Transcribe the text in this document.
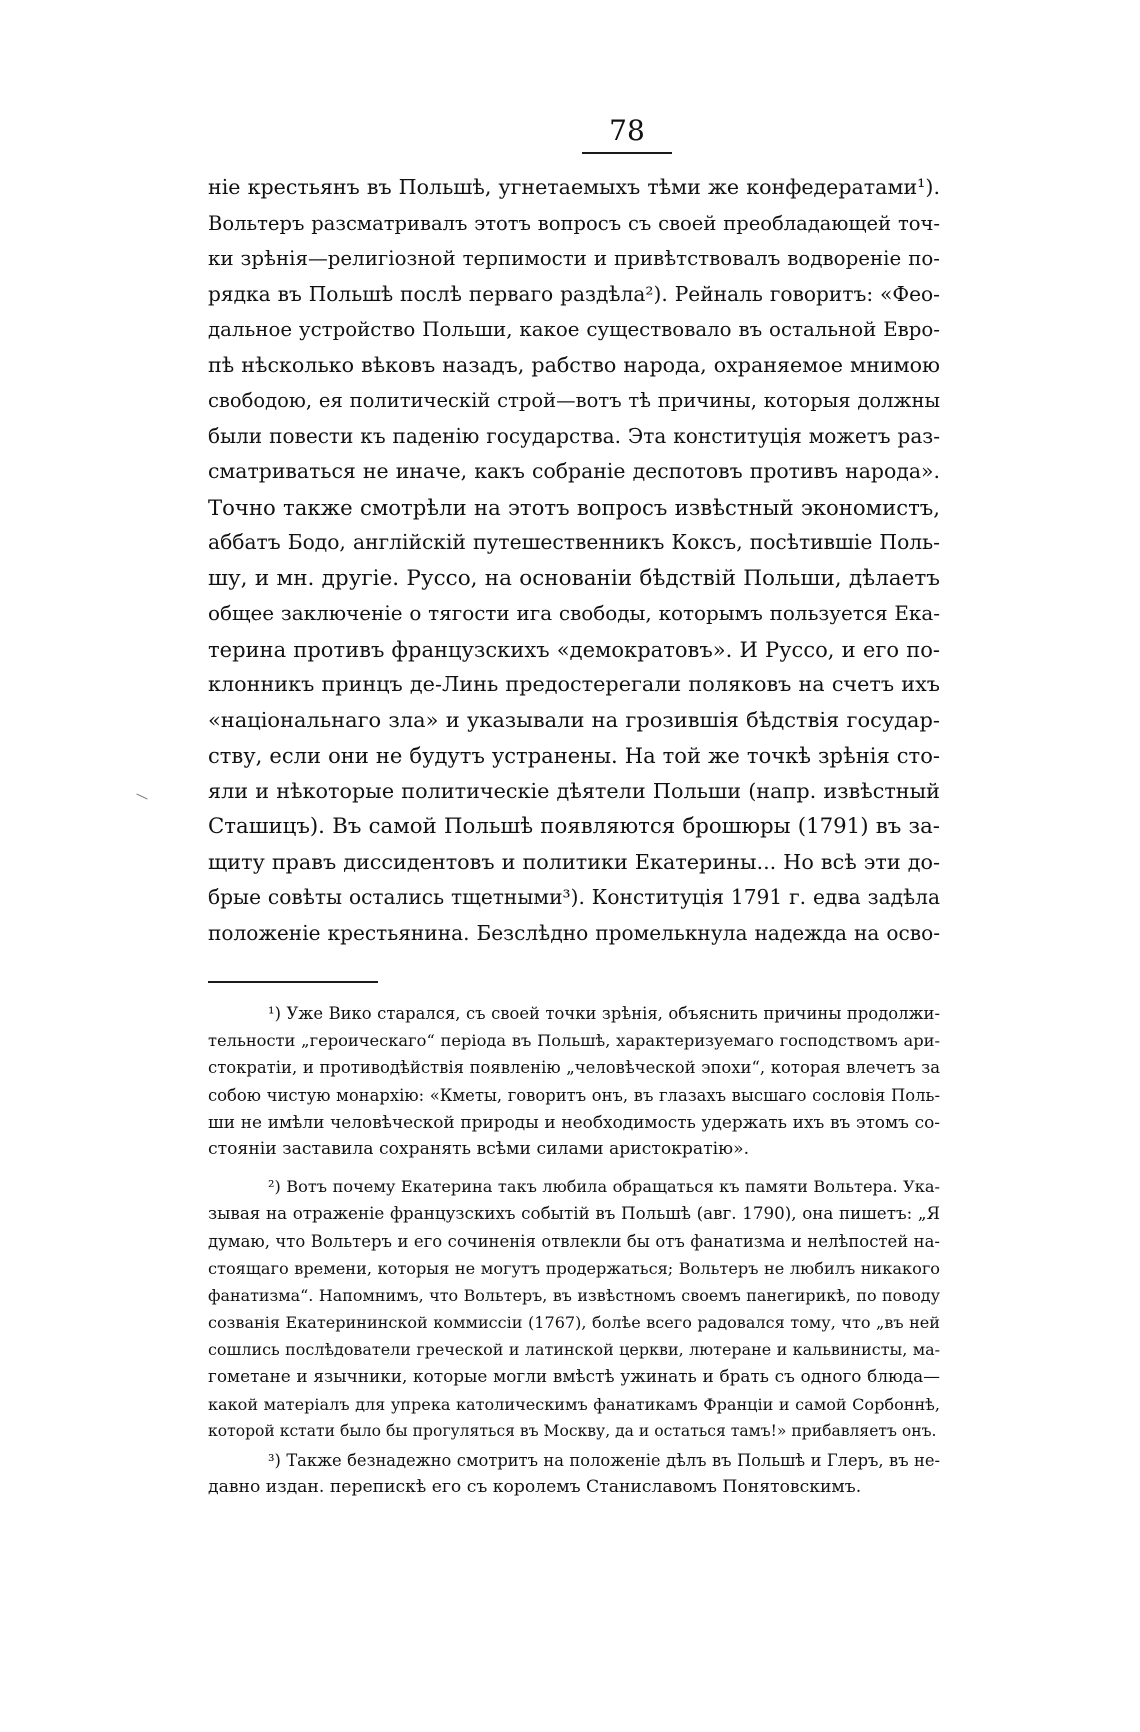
78
ніе крестьянъ въ Польшѣ, угнетаемыхъ тѣми же конфедератами¹).
Вольтеръ разсматривалъ этотъ вопросъ съ своей преобладающей точ-
ки зрѣнія—религіозной терпимости и привѣтствовалъ водвореніе по-
рядка въ Польшѣ послѣ перваго раздѣла²). Рейналь говоритъ: «Фео-
дальное устройство Польши, какое существовало въ остальной Евро-
пѣ нѣсколько вѣковъ назадъ, рабство народа, охраняемое мнимою
свободою, ея политическій строй—вотъ тѣ причины, которыя должны
были повести къ паденію государства. Эта конституція можетъ раз-
сматриваться не иначе, какъ собраніе деспотовъ противъ народа».
Точно также смотрѣли на этотъ вопросъ извѣстный экономистъ,
аббатъ Бодо, англійскій путешественникъ Коксъ, посѣтившіе Поль-
шу, и мн. другіе. Руссо, на основаніи бѣдствій Польши, дѣлаетъ
общее заключеніе о тягости ига свободы, которымъ пользуется Ека-
терина противъ французскихъ «демократовъ». И Руссо, и его по-
клонникъ принцъ де-Линь предостерегали поляковъ на счетъ ихъ
«національнаго зла» и указывали на грозившія бѣдствія государ-
ству, если они не будутъ устранены. На той же точкѣ зрѣнія сто-
яли и нѣкоторые политическіе дѣятели Польши (напр. извѣстный
Сташицъ). Въ самой Польшѣ появляются брошюры (1791) въ за-
щиту правъ диссидентовъ и политики Екатерины... Но всѣ эти до-
брые совѣты остались тщетными³). Конституція 1791 г. едва задѣла
положеніе крестьянина. Безслѣдно промелькнула надежда на осво-
¹) Уже Вико старался, съ своей точки зрѣнія, объяснить причины продолжи-
тельности „героическаго“ періода въ Польшѣ, характеризуемаго господствомъ ари-
стократіи, и противодѣйствія появленію „человѣческой эпохи“, которая влечетъ за
собою чистую монархію: «Кметы, говоритъ онъ, въ глазахъ высшаго сословія Поль-
ши не имѣли человѣческой природы и необходимость удержать ихъ въ этомъ со-
стояніи заставила сохранять всѣми силами аристократію».
²) Вотъ почему Екатерина такъ любила обращаться къ памяти Вольтера. Ука-
зывая на отраженіе французскихъ событій въ Польшѣ (авг. 1790), она пишетъ: „Я
думаю, что Вольтеръ и его сочиненія отвлекли бы отъ фанатизма и нелѣпостей на-
стоящаго времени, которыя не могутъ продержаться; Вольтеръ не любилъ никакого
фанатизма“. Напомнимъ, что Вольтеръ, въ извѣстномъ своемъ панегирикѣ, по поводу
созванія Екатерининской коммиссіи (1767), болѣе всего радовался тому, что „въ ней
сошлись послѣдователи греческой и латинской церкви, лютеране и кальвинисты, ма-
гометане и язычники, которые могли вмѣстѣ ужинать и брать съ одного блюда—
какой матеріалъ для упрека католическимъ фанатикамъ Франціи и самой Сорбоннѣ,
которой кстати было бы прогуляться въ Москву, да и остаться тамъ!» прибавляетъ онъ.
³) Также безнадежно смотритъ на положеніе дѣлъ въ Польшѣ и Глеръ, въ не-
давно издан. перепискѣ его съ королемъ Станиславомъ Понятовскимъ.
